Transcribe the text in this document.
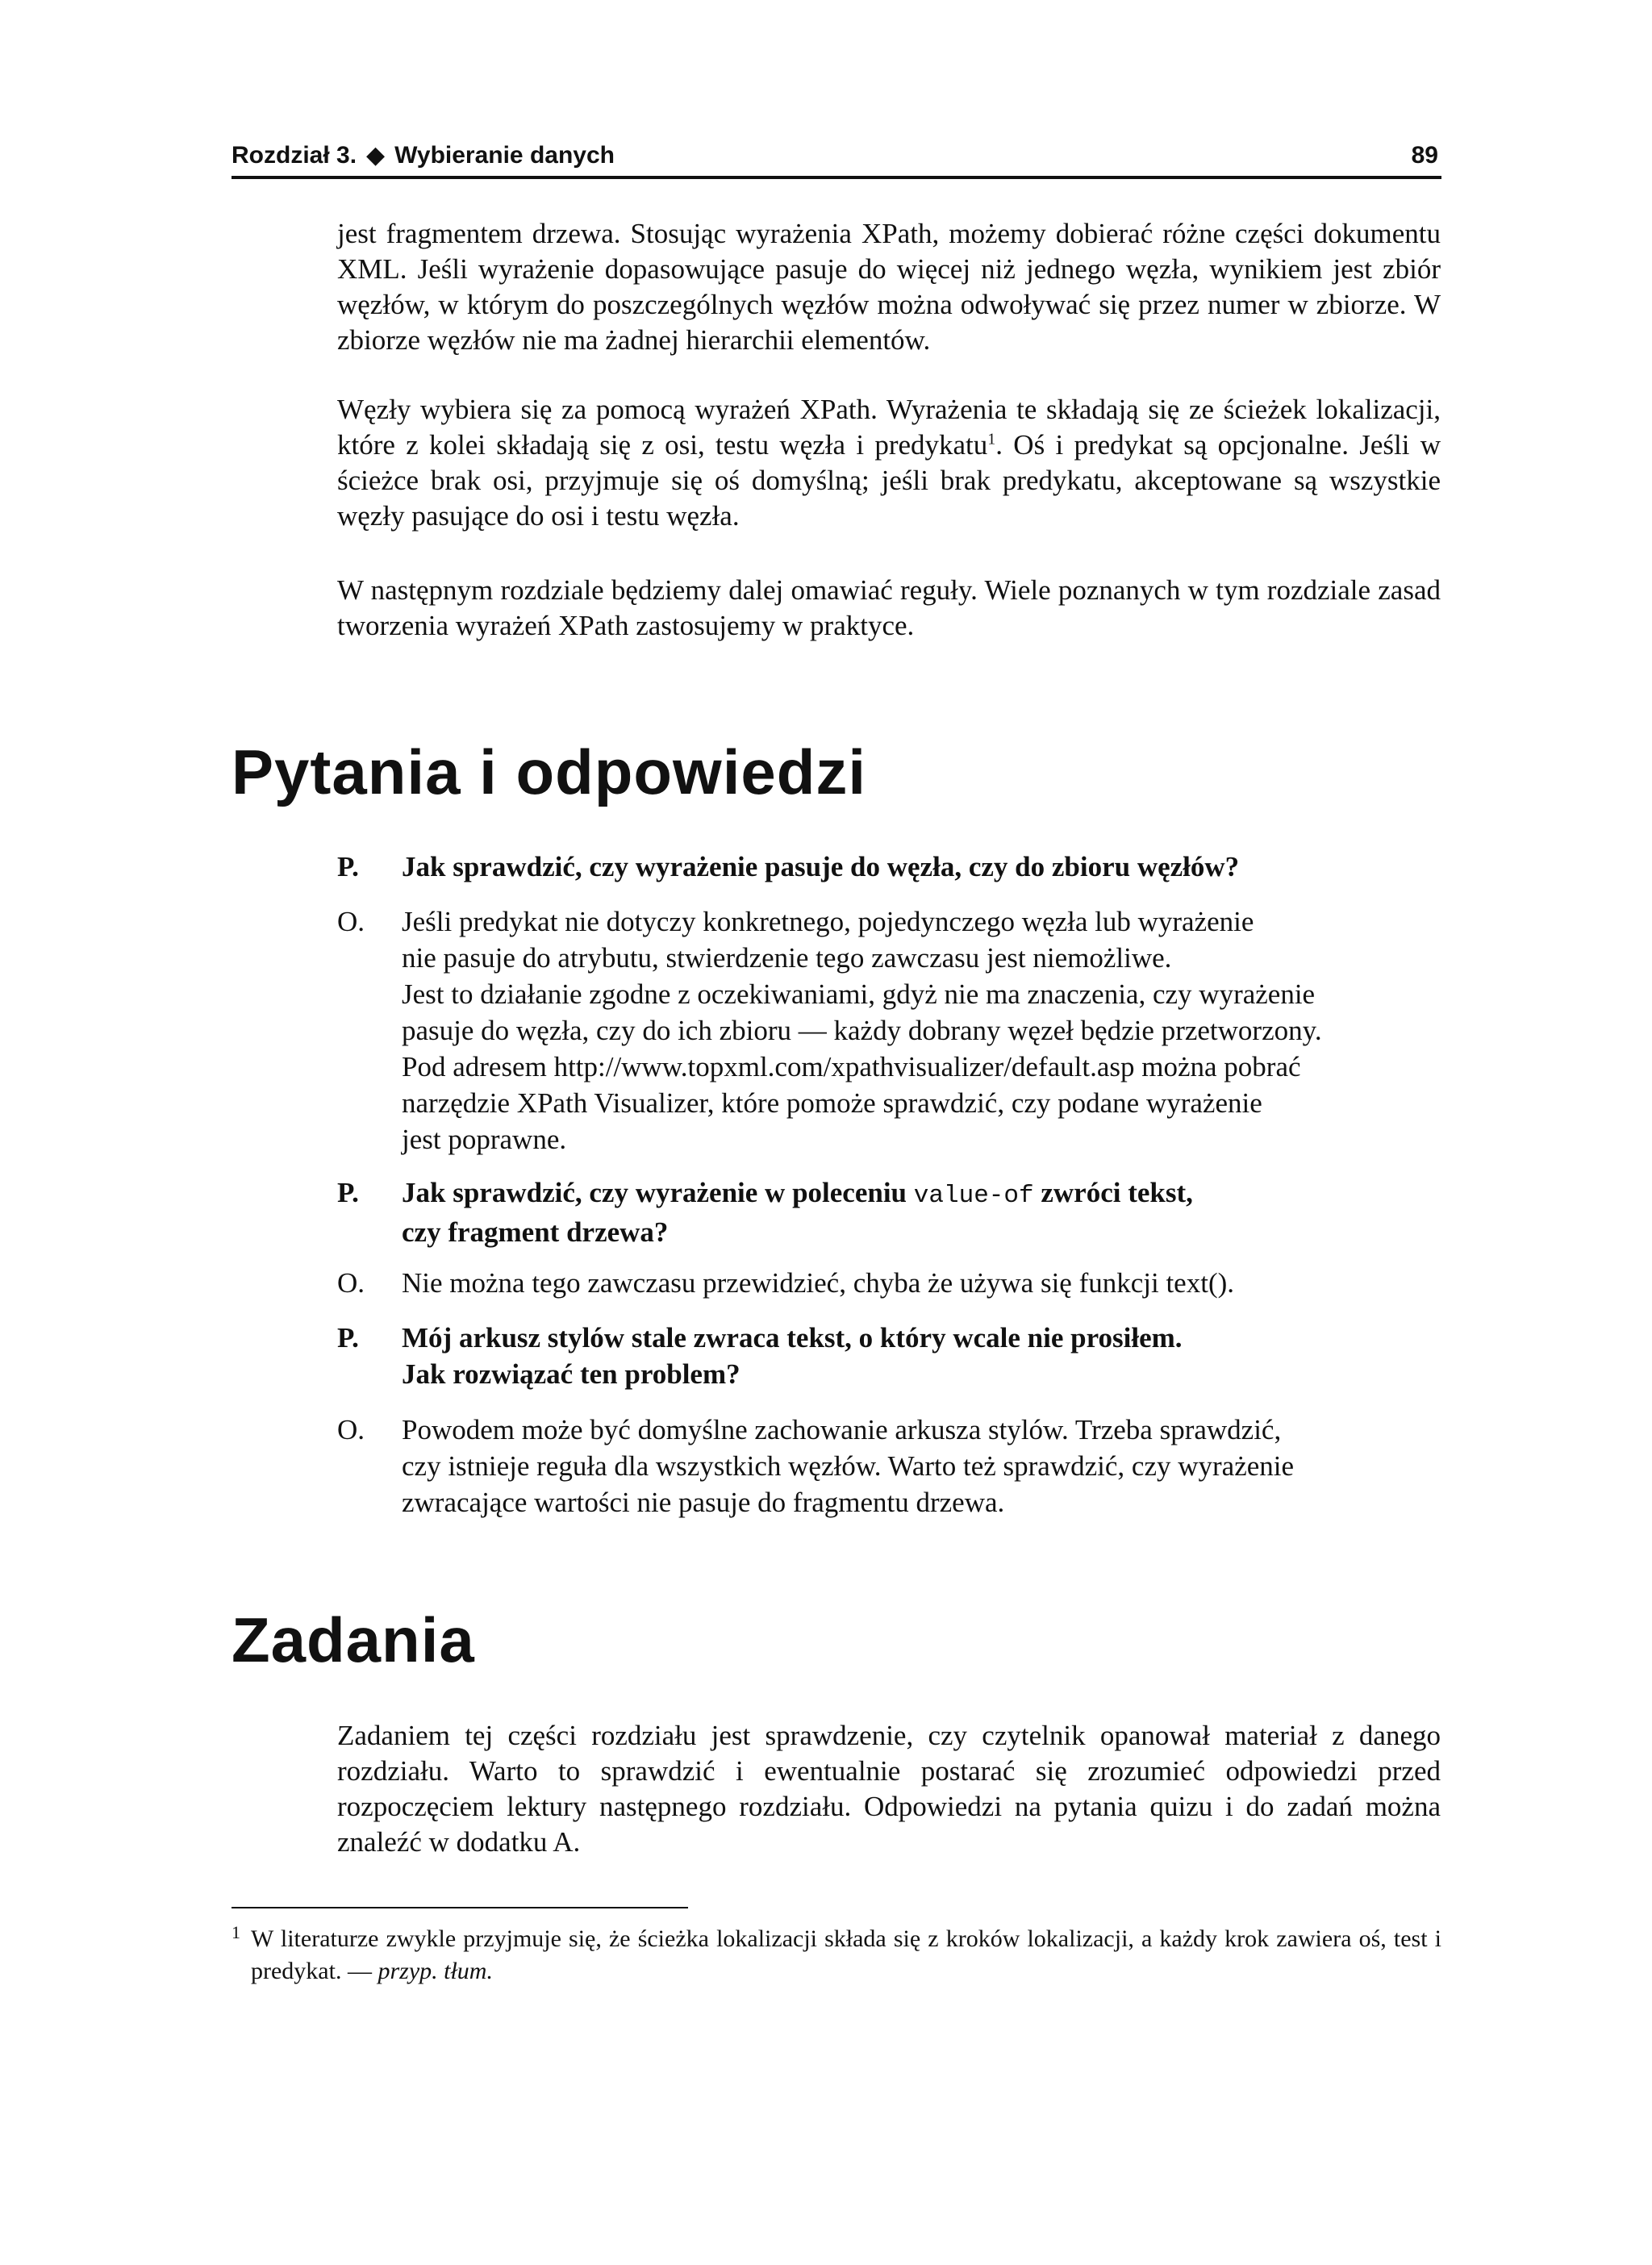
Rozdział 3. ◆ Wybieranie danych	89

jest fragmentem drzewa. Stosując wyrażenia XPath, możemy dobierać różne części dokumentu XML. Jeśli wyrażenie dopasowujące pasuje do więcej niż jednego węzła, wynikiem jest zbiór węzłów, w którym do poszczególnych węzłów można odwoływać się przez numer w zbiorze. W zbiorze węzłów nie ma żadnej hierarchii elementów.

Węzły wybiera się za pomocą wyrażeń XPath. Wyrażenia te składają się ze ścieżek lokalizacji, które z kolei składają się z osi, testu węzła i predykatu$^1$. Oś i predykat są opcjonalne. Jeśli w ścieżce brak osi, przyjmuje się oś domyślną; jeśli brak predykatu, akceptowane są wszystkie węzły pasujące do osi i testu węzła.

W następnym rozdziale będziemy dalej omawiać reguły. Wiele poznanych w tym rozdziale zasad tworzenia wyrażeń XPath zastosujemy w praktyce.

Pytania i odpowiedzi
P.	Jak sprawdzić, czy wyrażenie pasuje do węzła, czy do zbioru węzłów?
O.	Jeśli predykat nie dotyczy konkretnego, pojedynczego węzła lub wyrażenie
nie pasuje do atrybutu, stwierdzenie tego zawczasu jest niemożliwe.
Jest to działanie zgodne z oczekiwaniami, gdyż nie ma znaczenia, czy wyrażenie
pasuje do węzła, czy do ich zbioru — każdy dobrany węzeł będzie przetworzony.
Pod adresem http://www.topxml.com/xpathvisualizer/default.asp można pobrać
narzędzie XPath Visualizer, które pomoże sprawdzić, czy podane wyrażenie
jest poprawne.
P.	Jak sprawdzić, czy wyrażenie w poleceniu value-of zwróci tekst,
czy fragment drzewa?
O.	Nie można tego zawczasu przewidzieć, chyba że używa się funkcji text().
P.	Mój arkusz stylów stale zwraca tekst, o który wcale nie prosiłem.
Jak rozwiązać ten problem?
O.	Powodem może być domyślne zachowanie arkusza stylów. Trzeba sprawdzić,
czy istnieje reguła dla wszystkich węzłów. Warto też sprawdzić, czy wyrażenie
zwracające wartości nie pasuje do fragmentu drzewa.
Zadania

Zadaniem tej części rozdziału jest sprawdzenie, czy czytelnik opanował materiał z danego rozdziału. Warto to sprawdzić i ewentualnie postarać się zrozumieć odpowiedzi przed rozpoczęciem lektury następnego rozdziału. Odpowiedzi na pytania quizu i do zadań można znaleźć w dodatku A.

1 W literaturze zwykle przyjmuje się, że ścieżka lokalizacji składa się z kroków lokalizacji, a każdy krok zawiera oś, test i predykat. — przyp. tłum.
